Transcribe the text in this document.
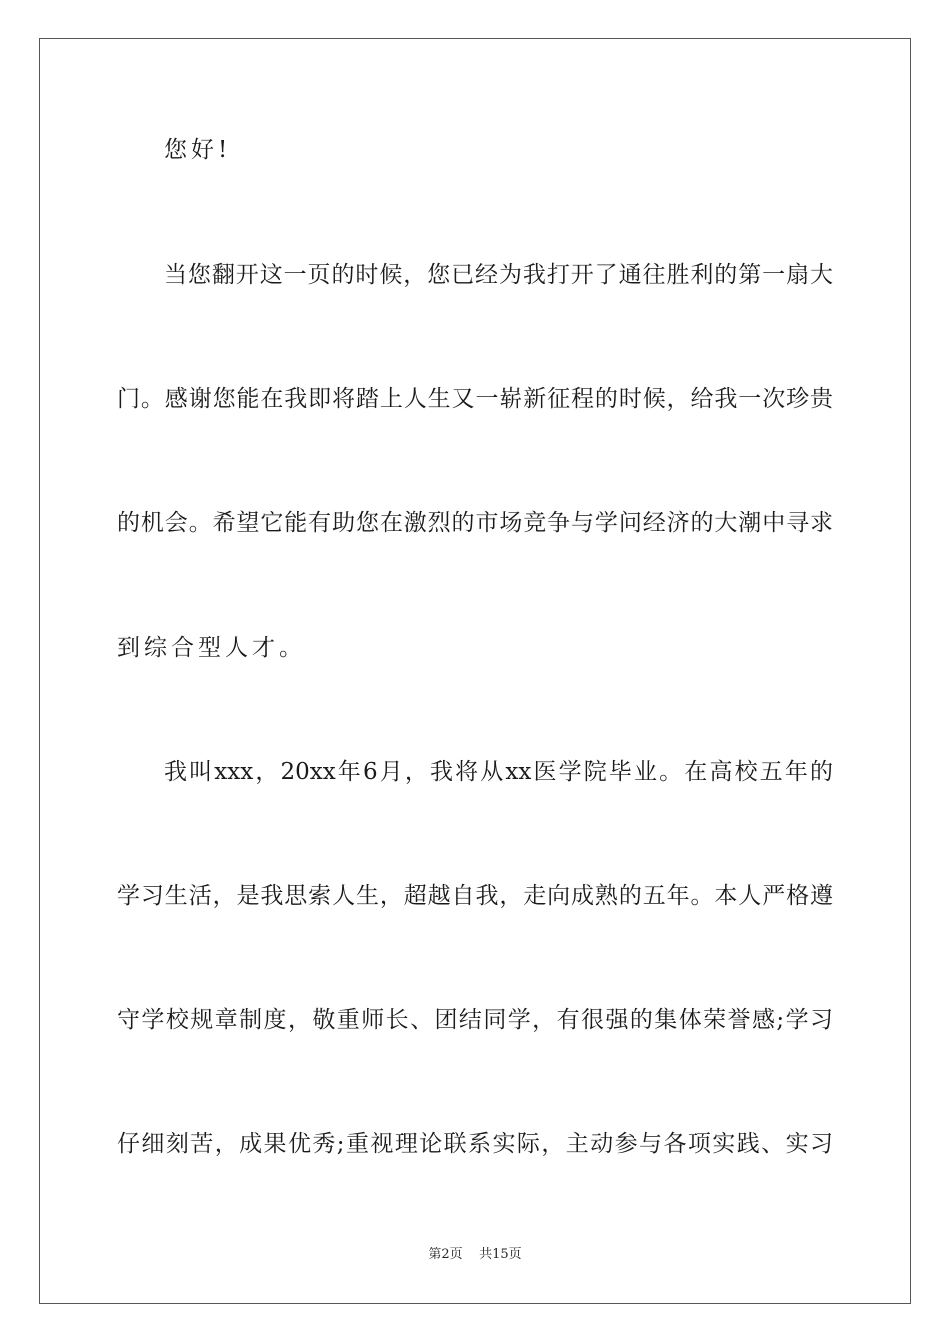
您好!
当您翻开这一页的时候，您已经为我打开了通往胜利的第一扇大
门。感谢您能在我即将踏上人生又一崭新征程的时候，给我一次珍贵
的机会。希望它能有助您在激烈的市场竞争与学问经济的大潮中寻求
到综合型人才。
我叫xxx，20xx年6月，我将从xx医学院毕业。在高校五年的
学习生活，是我思索人生，超越自我，走向成熟的五年。本人严格遵
守学校规章制度，敬重师长、团结同学，有很强的集体荣誉感;学习
仔细刻苦，成果优秀;重视理论联系实际，主动参与各项实践、实习
第2页    共15页
